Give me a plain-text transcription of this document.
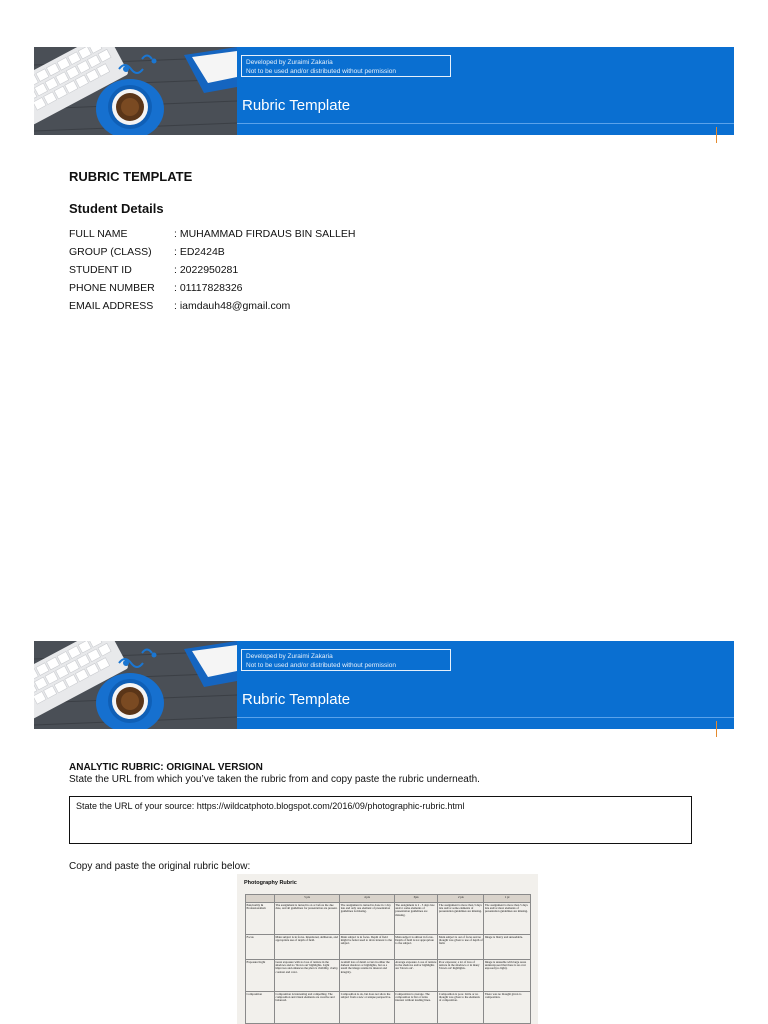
Developed by Zuraimi Zakaria
Not to be used and/or distributed without permission
Rubric Template
RUBRIC TEMPLATE
Student Details
FULL NAME	: MUHAMMAD FIRDAUS BIN SALLEH
GROUP (CLASS)	: ED2424B
STUDENT ID	: 2022950281
PHONE NUMBER	: 01117828326
EMAIL ADDRESS	: iamdauh48@gmail.com
Developed by Zuraimi Zakaria
Not to be used and/or distributed without permission
Rubric Template
ANALYTIC RUBRIC: ORIGINAL VERSION
State the URL from which you’ve taken the rubric from and copy paste the rubric underneath.
State the URL of your source: https://wildcatphoto.blogspot.com/2016/09/photographic-rubric.html
Copy and paste the original rubric below:
Photography Rubric
	5 pts	4 pts	3pts	2 pts	1 pt
Punctuality & Professionalism	The assignment is turned in on or before the due date, and all guidelines for presentation are present.	The assignment is turned in done in 1 day late and only one element of presentation guidelines is missing.	The assignment is 2 - 3 days late and/or some elements of presentation guidelines are missing.	The assignment is more than 3 days late and/or some elements of presentation guidelines are missing.	The assignment is more than 5 days late and/or most elements of presentation guidelines are missing.
Focus	Main subject is in focus. Intentional, deliberate, and appropriate use of depth of field.	Main subject is in focus. Depth of field might be better used to draw interest to the subject.	Main subject is almost in focus. Depth of field is not appropriate to the subject.	Main subject is out of focus and no thought was given to use of depth of field.	Image is blurry and unreadable.
Exposure/Light	Great exposure with no loss of texture in the shadows and no 'blown out' highlights. Light improves and enhances the photo's visibility, clarity, contrast and color.	A small loss of detail occurs in either the darkest shadows or highlights, but as a result the image retains its interest and integrity.	Average exposure. Loss of texture in the shadows and/or highlights are 'blown out'.	Poor exposure; a lot of loss of texture in the shadows or in many 'blown out' highlights.	Image is unusable with large areas underexposed that there is an over exposed (no light).
Composition	Composition is interesting and compelling. The composition and visual elements are creative and balanced.	Composition is ok, but does not show the subject from a new or unique perspective.	Composition is average. The composition is flat or lacks interest without leading lines.	Composition is poor. Little or no thought was given to the elements of composition.	There was no thought given to composition.
